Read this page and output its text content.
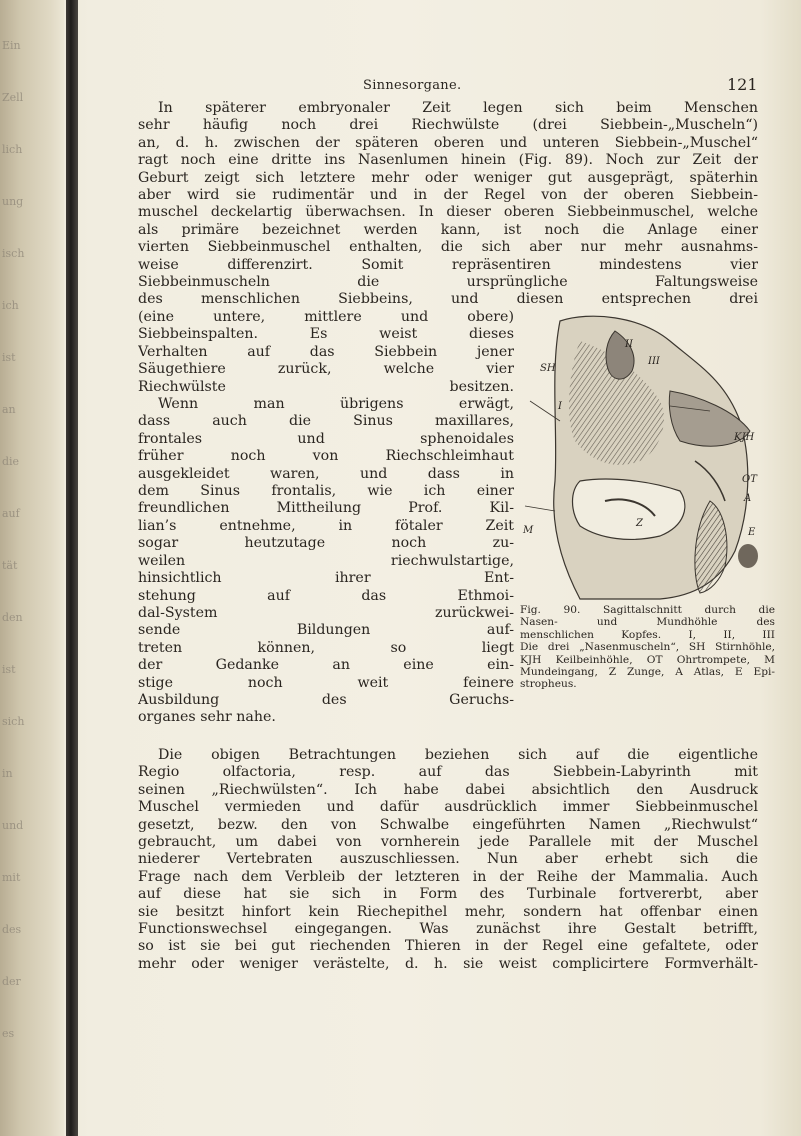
Ein
Zell
lich
ung
isch
ich
ist
an
die
auf
tät
den
ist
sich
in
und
mit
des
der
es
Sinnesorgane.	121
In späterer embryonaler Zeit legen sich beim Menschen
sehr häufig noch drei Riechwülste (drei Siebbein-„Muscheln“)
an, d. h. zwischen der späteren oberen und unteren Siebbein-„Muschel“
ragt noch eine dritte ins Nasenlumen hinein (Fig. 89). Noch zur Zeit der
Geburt zeigt sich letztere mehr oder weniger gut ausgeprägt, späterhin
aber wird sie rudimentär und in der Regel von der oberen Siebbein-
muschel deckelartig überwachsen. In dieser oberen Siebbeinmuschel, welche
als primäre bezeichnet werden kann, ist noch die Anlage einer
vierten Siebbeinmuschel enthalten, die sich aber nur mehr ausnahms-
weise differenzirt. Somit repräsentiren mindestens vier
Siebbeinmuscheln die ursprüngliche Faltungsweise
des menschlichen Siebbeins, und diesen entsprechen drei
(eine untere, mittlere und obere)
Siebbeinspalten. Es weist dieses
Verhalten auf das Siebbein jener
Säugethiere zurück, welche vier
Riechwülste besitzen.
Wenn man übrigens erwägt,
dass auch die Sinus maxillares,
frontales und sphenoidales
früher noch von Riechschleimhaut
ausgekleidet waren, und dass in
dem Sinus frontalis, wie ich einer
freundlichen Mittheilung Prof. Kil-
lian’s entnehme, in fötaler Zeit
sogar heutzutage noch zu-
weilen riechwulstartige,
hinsichtlich ihrer Ent-
stehung auf das Ethmoi-
dal-System zurückwei-
sende Bildungen auf-
treten können, so liegt
der Gedanke an eine ein-
stige noch weit feinere
Ausbildung des Geruchs-
organes sehr nahe.
Die obigen Betrachtungen beziehen sich auf die eigentliche
Regio olfactoria, resp. auf das Siebbein-Labyrinth mit
seinen „Riechwülsten“. Ich habe dabei absichtlich den Ausdruck
Muschel vermieden und dafür ausdrücklich immer Siebbeinmuschel
gesetzt, bezw. den von Schwalbe eingeführten Namen „Riechwulst“
gebraucht, um dabei von vornherein jede Parallele mit der Muschel
niederer Vertebraten auszuschliessen. Nun aber erhebt sich die
Frage nach dem Verbleib der letzteren in der Reihe der Mammalia. Auch
auf diese hat sie sich in Form des Turbinale fortvererbt, aber
sie besitzt hinfort kein Riechepithel mehr, sondern hat offenbar einen
Functionswechsel eingegangen. Was zunächst ihre Gestalt betrifft,
so ist sie bei gut riechenden Thieren in der Regel eine gefaltete, oder
mehr oder weniger verästelte, d. h. sie weist complicirtere Formverhält-
SH
II
III
I
KJH
OT
A
E
M
Z
Fig. 90. Sagittalschnitt durch die
Nasen- und Mundhöhle des
menschlichen Kopfes. I, II, III
Die drei „Nasenmuscheln“, SH Stirnhöhle,
KJH Keilbeinhöhle, OT Ohrtrompete, M
Mundeingang, Z Zunge, A Atlas, E Epi-
stropheus.
